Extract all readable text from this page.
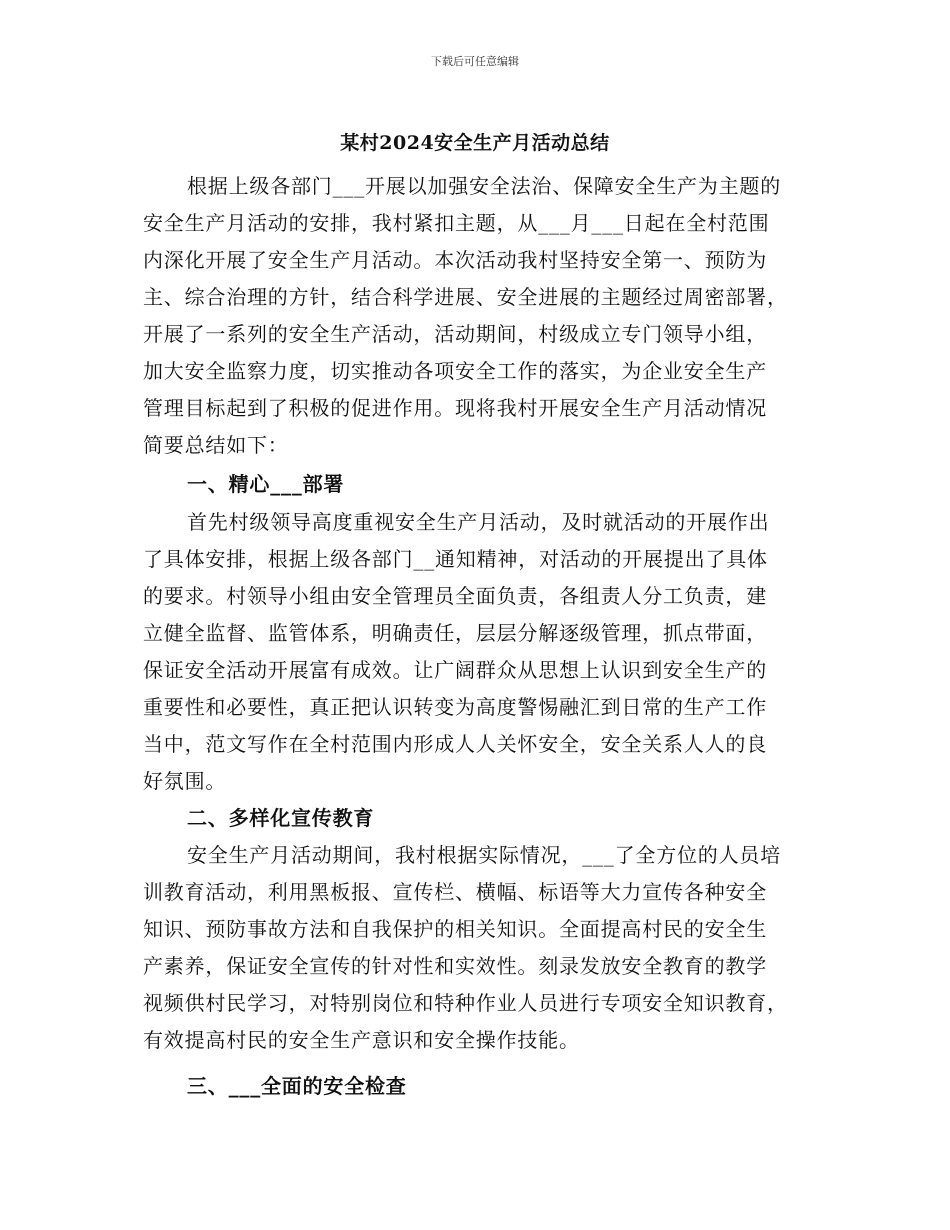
下载后可任意编辑
某村2024安全生产月活动总结
根据上级各部门___开展以加强安全法治、保障安全生产为主题的
安全生产月活动的安排，我村紧扣主题，从___月___日起在全村范围
内深化开展了安全生产月活动。本次活动我村坚持安全第一、预防为
主、综合治理的方针，结合科学进展、安全进展的主题经过周密部署，
开展了一系列的安全生产活动，活动期间，村级成立专门领导小组，
加大安全监察力度，切实推动各项安全工作的落实，为企业安全生产
管理目标起到了积极的促进作用。现将我村开展安全生产月活动情况
简要总结如下：
一、精心___部署
首先村级领导高度重视安全生产月活动，及时就活动的开展作出
了具体安排，根据上级各部门__通知精神，对活动的开展提出了具体
的要求。村领导小组由安全管理员全面负责，各组责人分工负责，建
立健全监督、监管体系，明确责任，层层分解逐级管理，抓点带面，
保证安全活动开展富有成效。让广阔群众从思想上认识到安全生产的
重要性和必要性，真正把认识转变为高度警惕融汇到日常的生产工作
当中，范文写作在全村范围内形成人人关怀安全，安全关系人人的良
好氛围。
二、多样化宣传教育
安全生产月活动期间，我村根据实际情况，___了全方位的人员培
训教育活动，利用黑板报、宣传栏、横幅、标语等大力宣传各种安全
知识、预防事故方法和自我保护的相关知识。全面提高村民的安全生
产素养，保证安全宣传的针对性和实效性。刻录发放安全教育的教学
视频供村民学习，对特别岗位和特种作业人员进行专项安全知识教育，
有效提高村民的安全生产意识和安全操作技能。
三、___全面的安全检查
